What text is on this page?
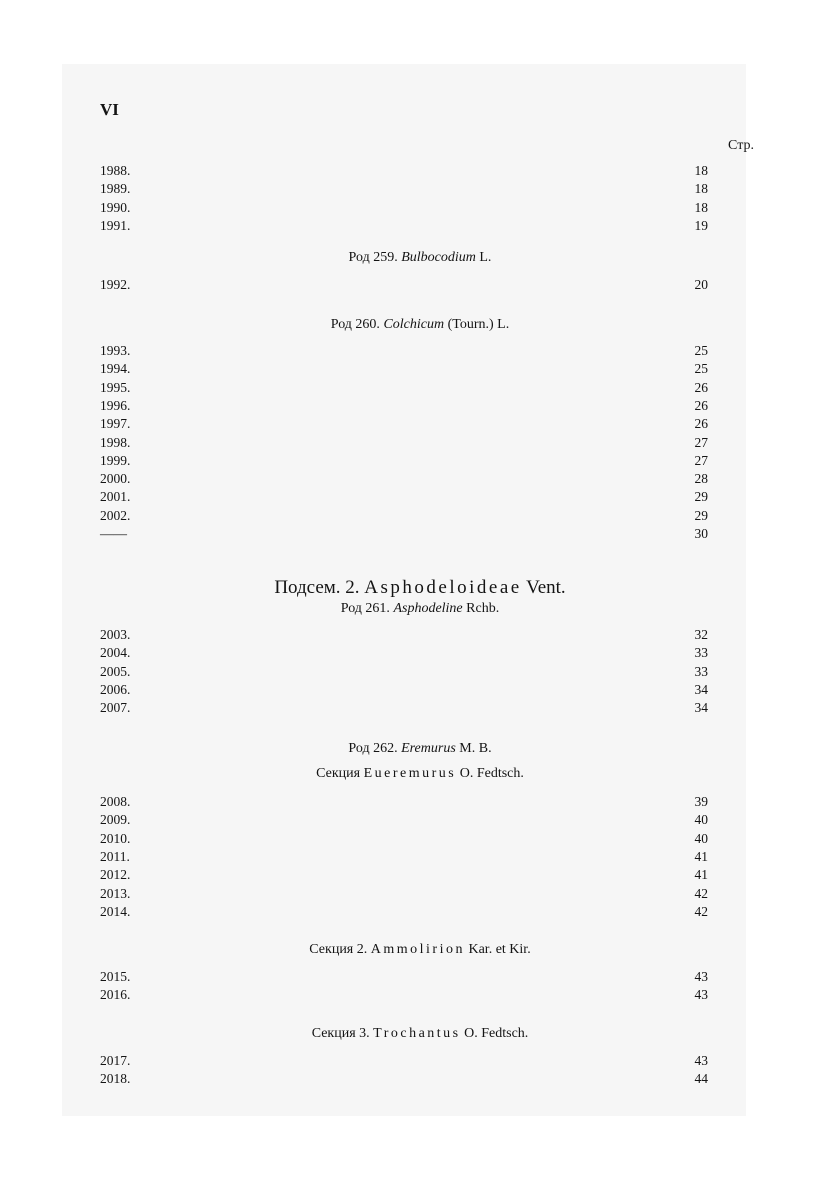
VI
Стр.
1988.	18
1989.	18
1990.	18
1991.	19
Род 259. Bulbocodium L.
1992.	20
Род 260. Colchicum (Tourn.) L.
1993.	25
1994.	25
1995.	26
1996.	26
1997.	26
1998.	27
1999.	27
2000.	28
2001.	29
2002.	29
——	30
Подсем. 2. Asphodeloideae Vent.
Род 261. Asphodeline Rchb.
2003.	32
2004.	33
2005.	33
2006.	34
2007.	34
Род 262. Eremurus M. B.
Секция Eueremurus O. Fedtsch.
2008.	39
2009.	40
2010.	40
2011.	41
2012.	41
2013.	42
2014.	42
Секция 2. Ammolirion Kar. et Kir.
2015.	43
2016.	43
Секция 3. Trochantus O. Fedtsch.
2017.	43
2018.	44
